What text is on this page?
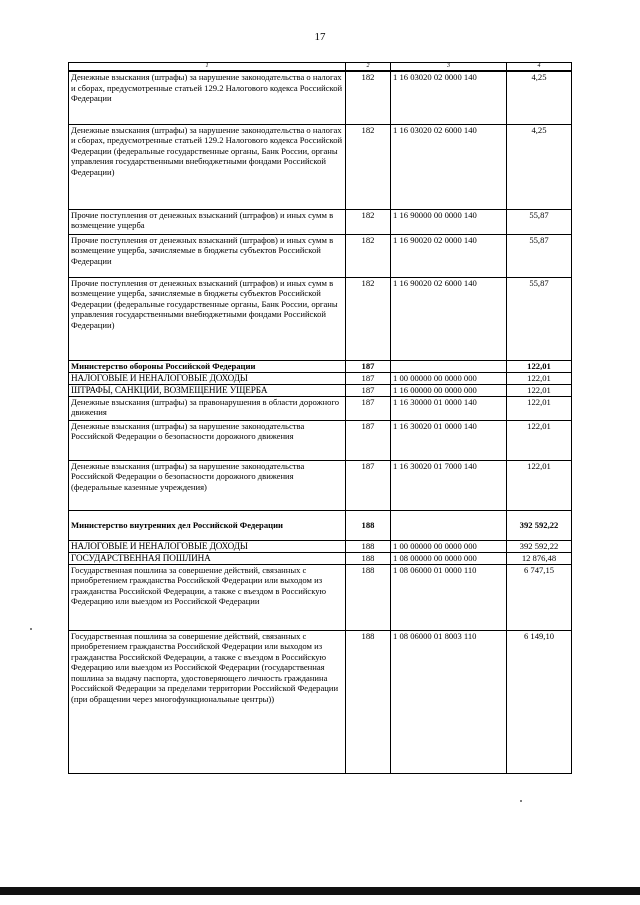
17
1	2	3	4
Денежные взыскания (штрафы) за нарушение законодательства о налогах и сборах, предусмотренные статьей 129.2 Налогового кодекса Российской Федерации	182	1 16 03020 02 0000 140	4,25
Денежные взыскания (штрафы) за нарушение законодательства о налогах и сборах, предусмотренные статьей 129.2 Налогового кодекса Российской Федерации (федеральные государственные органы, Банк России, органы управления государственными внебюджетными фондами Российской Федерации)	182	1 16 03020 02 6000 140	4,25
Прочие поступления от денежных взысканий (штрафов) и иных сумм в возмещение ущерба	182	1 16 90000 00 0000 140	55,87
Прочие поступления от денежных взысканий (штрафов) и иных сумм в возмещение ущерба, зачисляемые в бюджеты субъектов Российской Федерации	182	1 16 90020 02 0000 140	55,87
Прочие поступления от денежных взысканий (штрафов) и иных сумм в возмещение ущерба, зачисляемые в бюджеты субъектов Российской Федерации (федеральные государственные органы, Банк России, органы управления государственными внебюджетными фондами Российской Федерации)	182	1 16 90020 02 6000 140	55,87
Министерство обороны Российской Федерации	187		122,01
НАЛОГОВЫЕ И НЕНАЛОГОВЫЕ ДОХОДЫ	187	1 00 00000 00 0000 000	122,01
ШТРАФЫ, САНКЦИИ, ВОЗМЕЩЕНИЕ УЩЕРБА	187	1 16 00000 00 0000 000	122,01
Денежные взыскания (штрафы) за правонарушения в области дорожного движения	187	1 16 30000 01 0000 140	122,01
Денежные взыскания (штрафы) за нарушение законодательства Российской Федерации о безопасности дорожного движения	187	1 16 30020 01 0000 140	122,01
Денежные взыскания (штрафы) за нарушение законодательства Российской Федерации о безопасности дорожного движения (федеральные казенные учреждения)	187	1 16 30020 01 7000 140	122,01
Министерство внутренних дел Российской Федерации	188		392 592,22
НАЛОГОВЫЕ И НЕНАЛОГОВЫЕ ДОХОДЫ	188	1 00 00000 00 0000 000	392 592,22
ГОСУДАРСТВЕННАЯ ПОШЛИНА	188	1 08 00000 00 0000 000	12 876,48
Государственная пошлина за совершение действий, связанных с приобретением гражданства Российской Федерации или выходом из гражданства Российской Федерации, а также с въездом в Российскую Федерацию или выездом из Российской Федерации	188	1 08 06000 01 0000 110	6 747,15
Государственная пошлина за совершение действий, связанных с приобретением гражданства Российской Федерации или выходом из гражданства Российской Федерации, а также с въездом в Российскую Федерацию или выездом из Российской Федерации (государственная пошлина за выдачу паспорта, удостоверяющего личность гражданина Российской Федерации за пределами территории Российской Федерации (при обращении через многофункциональные центры))	188	1 08 06000 01 8003 110	6 149,10
